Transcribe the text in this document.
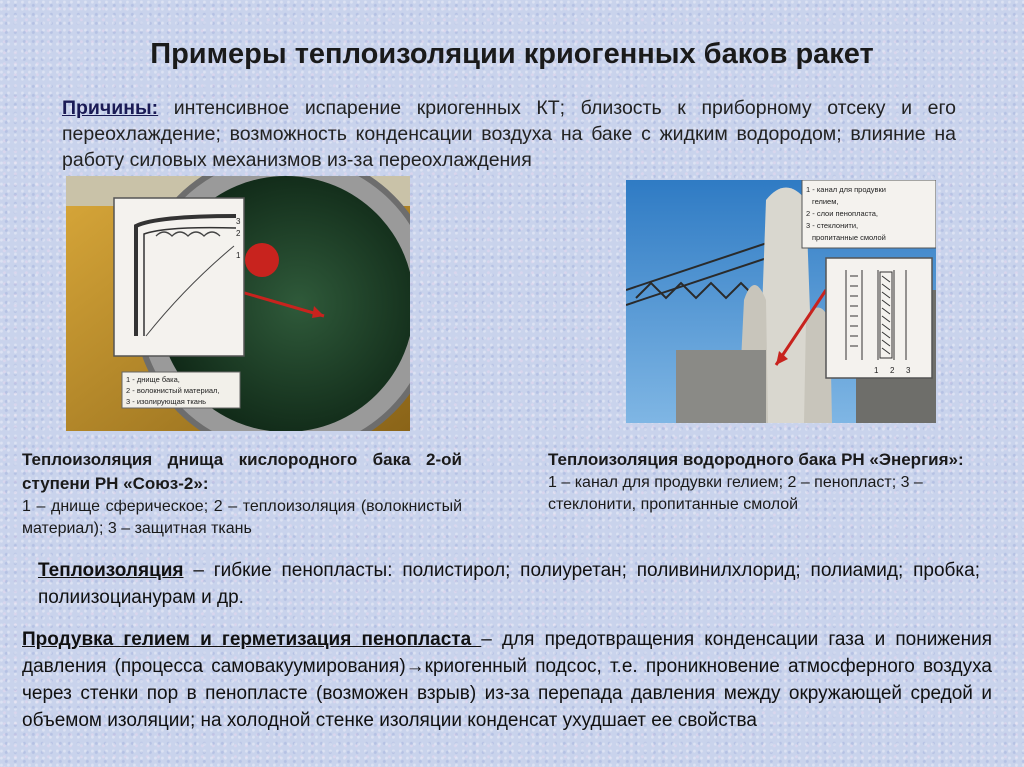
Примеры теплоизоляции криогенных баков ракет
Причины: интенсивное испарение криогенных КТ; близость к приборному отсеку и его переохлаждение; возможность конденсации воздуха на баке с жидким водородом; влияние на работу силовых механизмов из-за переохлаждения
3
2
1
1 - днище бака,
2 - волокнистый материал,
3 - изолирующая ткань
1 - канал для продувки
гелием,
2 - слои пенопласта,
3 - стеклонити,
пропитанные смолой
1 2 3
Теплоизоляция днища кислородного бака 2-ой ступени РН «Союз-2»:
1 – днище сферическое; 2 – теплоизоляция (волокнистый материал); 3 – защитная ткань
Теплоизоляция водородного бака РН «Энергия»:
1 – канал для продувки гелием; 2 – пенопласт; 3 – стеклонити, пропитанные смолой
Теплоизоляция – гибкие пенопласты: полистирол; полиуретан; поливинилхлорид; полиамид; пробка; полиизоцианурам и др.
Продувка гелием и герметизация пенопласта – для предотвращения конденсации газа и понижения давления (процесса самовакуумирования)→криогенный подсос, т.е. проникновение атмосферного воздуха через стенки пор в пенопласте (возможен взрыв) из-за перепада давления между окружающей средой и объемом изоляции; на холодной стенке изоляции конденсат ухудшает ее свойства
